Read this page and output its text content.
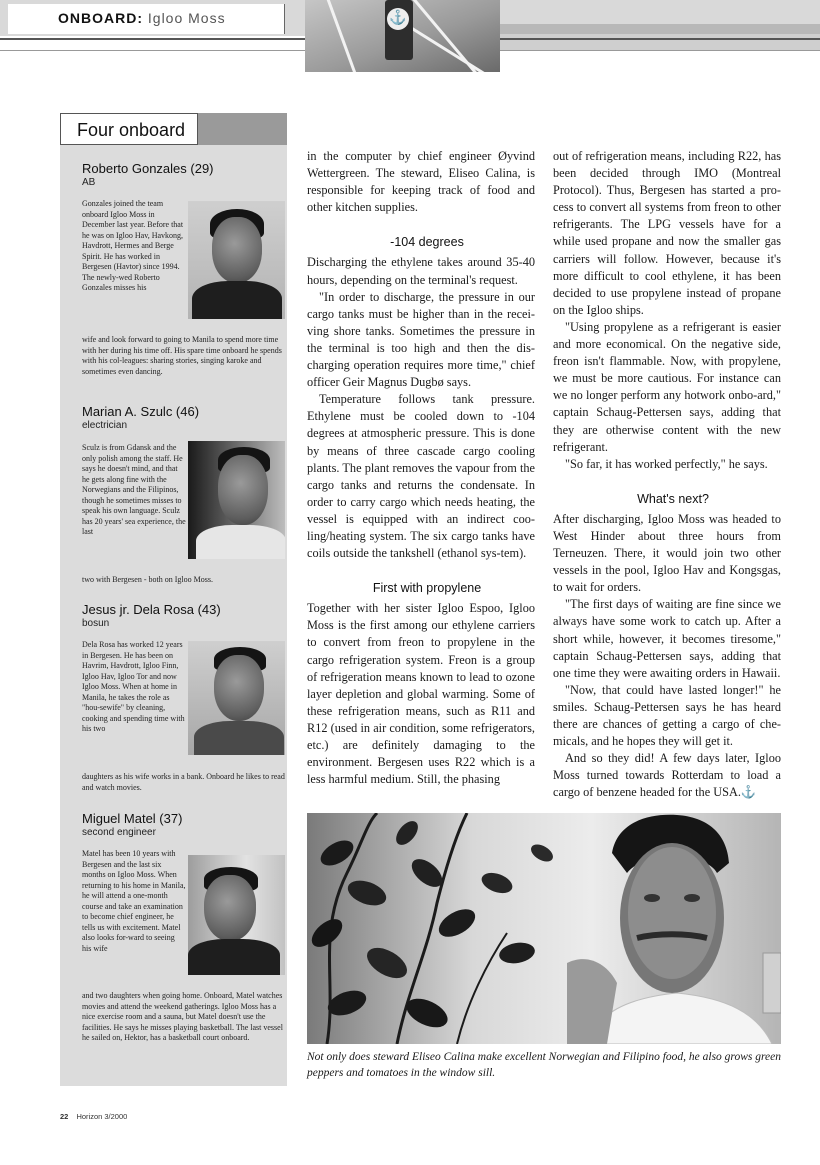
ONBOARD: Igloo Moss	⚓
Four onboard
Roberto Gonzales (29)
AB
Gonzales joined the team onboard Igloo Moss in December last year. Before that he was on Igloo Hav, Havkong, Havdrott, Hermes and Berge Spirit. He has worked in Bergesen (Havtor) since 1994. The newly-wed Roberto Gonzales misses his
wife and look forward to going to Manila to spend more time with her during his time off. His spare time onboard he spends with his col-leagues: sharing stories, singing karoke and sometimes even dancing.
Marian A. Szulc (46)
electrician
Sculz is from Gdansk and the only polish among the staff. He says he doesn't mind, and that he gets along fine with the Norwegians and the Filipinos, though he sometimes misses to speak his own language. Sculz has 20 years' sea experience, the last
two with Bergesen - both on Igloo Moss.
Jesus jr. Dela Rosa (43)
bosun
Dela Rosa has worked 12 years in Bergesen. He has been on Havrim, Havdrott, Igloo Finn, Igloo Hav, Igloo Tor and now Igloo Moss. When at home in Manila, he takes the role as "hou-sewife" by cleaning, cooking and spending time with his two
daughters as his wife works in a bank. Onboard he likes to read and watch movies.
Miguel Matel (37)
second engineer
Matel has been 10 years with Bergesen and the last six months on Igloo Moss. When returning to his home in Manila, he will attend a one-month course and take an examination to become chief engineer, he tells us with excitement. Matel also looks for-ward to seeing his wife
and two daughters when going home. Onboard, Matel watches movies and attend the weekend gatherings. Igloo Moss has a nice exercise room and a sauna, but Matel doesn't use the facilities. He says he misses playing basketball. The last vessel he sailed on, Hektor, has a basketball court onboard.

in the computer by chief engineer Øyvind Wettergreen. The steward, Eliseo Calina, is responsible for keeping track of food and other kitchen supplies.

-104 degrees

Discharging the ethylene takes around 35-40 hours, depending on the terminal's request.

"In order to discharge, the pressure in our cargo tanks must be higher than in the recei-ving shore tanks. Sometimes the pressure in the terminal is too high and then the dis-charging operation requires more time," chief officer Geir Magnus Dugbø says.

Temperature follows tank pressure. Ethylene must be cooled down to -104 degrees at atmospheric pressure. This is done by means of three cascade cargo cooling plants. The plant removes the vapour from the cargo tanks and returns the condensate. In order to carry cargo which needs heating, the vessel is equipped with an indirect coo-ling/heating system. The six cargo tanks have coils outside the tankshell (ethanol sys-tem).

First with propylene

Together with her sister Igloo Espoo, Igloo Moss is the first among our ethylene carriers to convert from freon to propylene in the cargo refrigeration system. Freon is a group of refrigeration means known to lead to ozone layer depletion and global warming. Some of these refrigeration means, such as R11 and R12 (used in air condition, some refrigerators, etc.) are definitely damaging to the environment. Bergesen uses R22 which is a less harmful medium. Still, the phasing

out of refrigeration means, including R22, has been decided through IMO (Montreal Protocol). Thus, Bergesen has started a pro-cess to convert all systems from freon to other refrigerants. The LPG vessels have for a while used propane and now the smaller gas carriers will follow. However, because it's more difficult to cool ethylene, it has been decided to use propylene instead of propane on the Igloo ships.

"Using propylene as a refrigerant is easier and more economical. On the negative side, freon isn't flammable. Now, with propylene, we must be more cautious. For instance can we no longer perform any hotwork onbo-ard," captain Schaug-Pettersen says, adding that they are otherwise content with the new refrigerant.

"So far, it has worked perfectly," he says.

What's next?

After discharging, Igloo Moss was headed to West Hinder about three hours from Terneuzen. There, it would join two other vessels in the pool, Igloo Hav and Kongsgas, to wait for orders.

"The first days of waiting are fine since we always have some work to catch up. After a short while, however, it becomes tiresome," captain Schaug-Pettersen says, adding that one time they were awaiting orders in Hawaii.

"Now, that could have lasted longer!" he smiles. Schaug-Pettersen says he has heard there are chances of getting a cargo of che-micals, and he hopes they will get it.

And so they did! A few days later, Igloo Moss turned towards Rotterdam to load a cargo of benzene headed for the USA.⚓

Not only does steward Eliseo Calina make excellent Norwegian and Filipino food, he also grows green peppers and tomatoes in the window sill.
22 Horizon 3/2000
